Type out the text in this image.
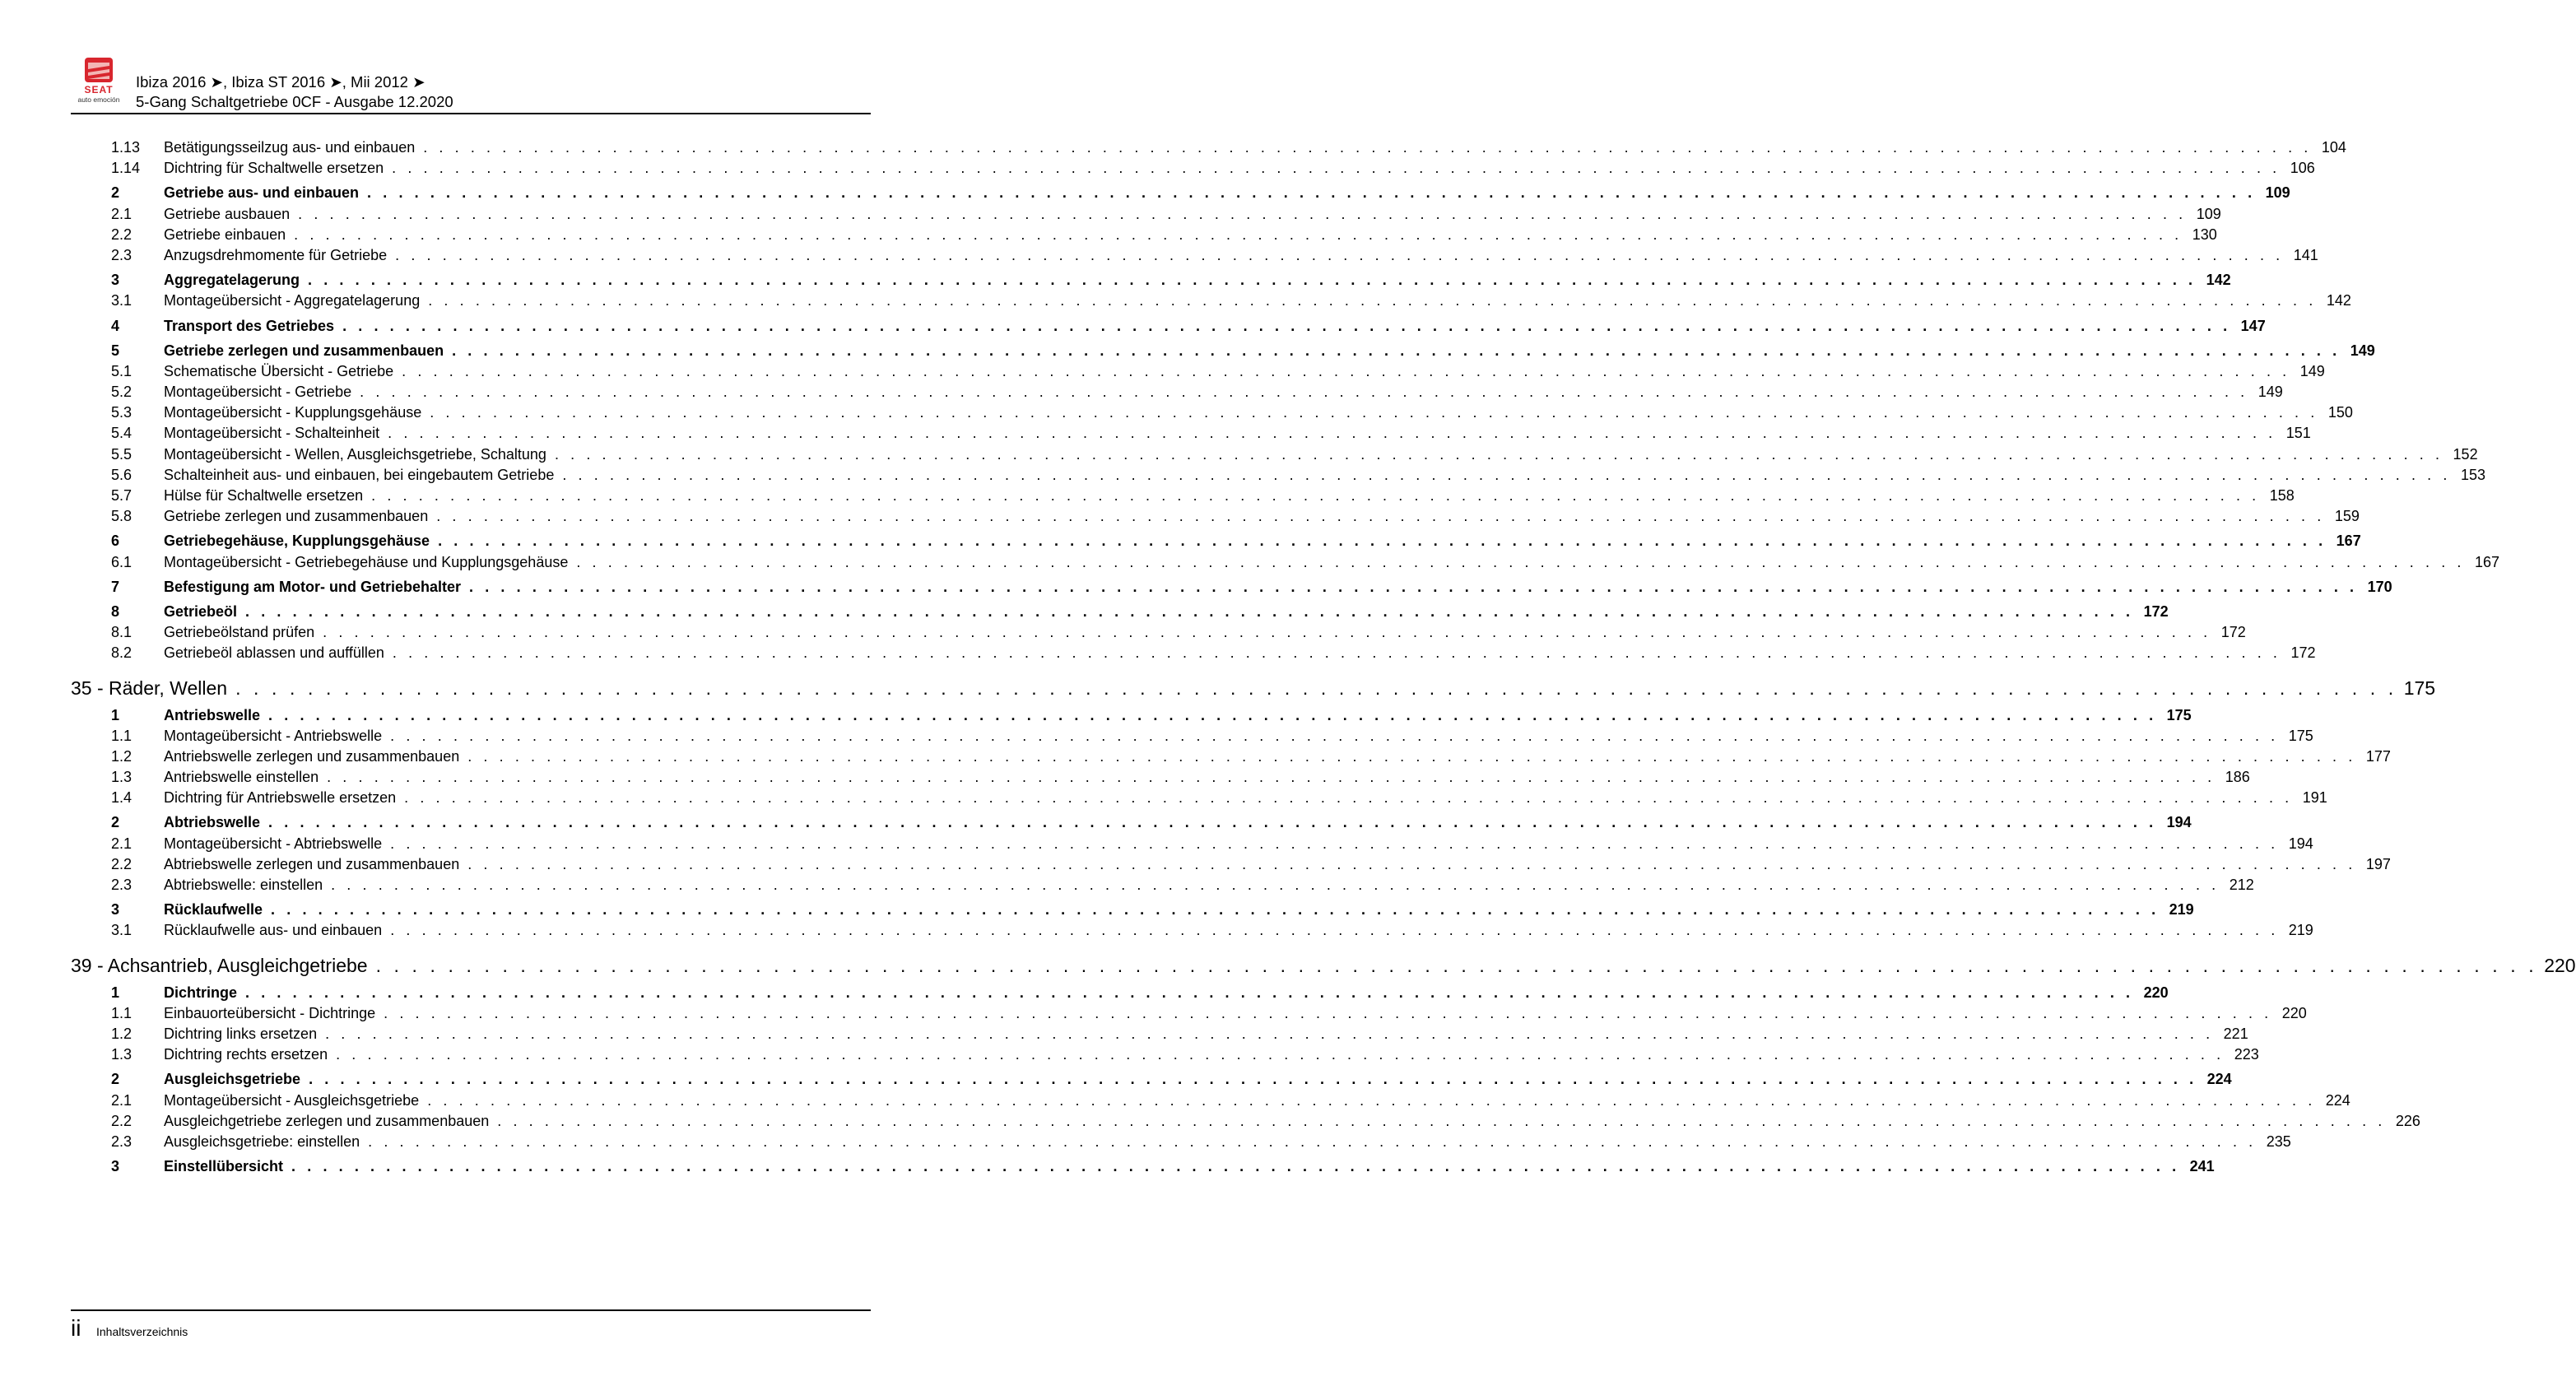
SEAT
auto emoción
Ibiza 2016 ➤, Ibiza ST 2016 ➤, Mii 2012 ➤
5-Gang Schaltgetriebe 0CF - Ausgabe 12.2020
1.13	Betätigungsseilzug aus- und einbauen . . . . . . . . . . . . . . . . . . . . . . . . . . . . . . . . . . . . . . . . . . . . . . . . . . . . . . . . . . . . . . . . . . . . . . . . . . . . . . . . . . . . . . . . . . . . . . . . . . . . . . . . . . . . . . . . . . . . . . . . 104
1.14	Dichtring für Schaltwelle ersetzen . . . . . . . . . . . . . . . . . . . . . . . . . . . . . . . . . . . . . . . . . . . . . . . . . . . . . . . . . . . . . . . . . . . . . . . . . . . . . . . . . . . . . . . . . . . . . . . . . . . . . . . . . . . . . . . . . . . . . . . . 106
2	Getriebe aus- und einbauen . . . . . . . . . . . . . . . . . . . . . . . . . . . . . . . . . . . . . . . . . . . . . . . . . . . . . . . . . . . . . . . . . . . . . . . . . . . . . . . . . . . . . . . . . . . . . . . . . . . . . . . . . . . . . . . . . . . . . . . . 109
2.1	Getriebe ausbauen . . . . . . . . . . . . . . . . . . . . . . . . . . . . . . . . . . . . . . . . . . . . . . . . . . . . . . . . . . . . . . . . . . . . . . . . . . . . . . . . . . . . . . . . . . . . . . . . . . . . . . . . . . . . . . . . . . . . . . . . 109
2.2	Getriebe einbauen . . . . . . . . . . . . . . . . . . . . . . . . . . . . . . . . . . . . . . . . . . . . . . . . . . . . . . . . . . . . . . . . . . . . . . . . . . . . . . . . . . . . . . . . . . . . . . . . . . . . . . . . . . . . . . . . . . . . . . . . 130
2.3	Anzugsdrehmomente für Getriebe . . . . . . . . . . . . . . . . . . . . . . . . . . . . . . . . . . . . . . . . . . . . . . . . . . . . . . . . . . . . . . . . . . . . . . . . . . . . . . . . . . . . . . . . . . . . . . . . . . . . . . . . . . . . . . . . . . . . . . . . 141
3	Aggregatelagerung . . . . . . . . . . . . . . . . . . . . . . . . . . . . . . . . . . . . . . . . . . . . . . . . . . . . . . . . . . . . . . . . . . . . . . . . . . . . . . . . . . . . . . . . . . . . . . . . . . . . . . . . . . . . . . . . . . . . . . . . 142
3.1	Montageübersicht - Aggregatelagerung . . . . . . . . . . . . . . . . . . . . . . . . . . . . . . . . . . . . . . . . . . . . . . . . . . . . . . . . . . . . . . . . . . . . . . . . . . . . . . . . . . . . . . . . . . . . . . . . . . . . . . . . . . . . . . . . . . . . . . . . 142
4	Transport des Getriebes . . . . . . . . . . . . . . . . . . . . . . . . . . . . . . . . . . . . . . . . . . . . . . . . . . . . . . . . . . . . . . . . . . . . . . . . . . . . . . . . . . . . . . . . . . . . . . . . . . . . . . . . . . . . . . . . . . . . . . . . 147
5	Getriebe zerlegen und zusammenbauen . . . . . . . . . . . . . . . . . . . . . . . . . . . . . . . . . . . . . . . . . . . . . . . . . . . . . . . . . . . . . . . . . . . . . . . . . . . . . . . . . . . . . . . . . . . . . . . . . . . . . . . . . . . . . . . . . . . . . . . . 149
5.1	Schematische Übersicht - Getriebe . . . . . . . . . . . . . . . . . . . . . . . . . . . . . . . . . . . . . . . . . . . . . . . . . . . . . . . . . . . . . . . . . . . . . . . . . . . . . . . . . . . . . . . . . . . . . . . . . . . . . . . . . . . . . . . . . . . . . . . . 149
5.2	Montageübersicht - Getriebe . . . . . . . . . . . . . . . . . . . . . . . . . . . . . . . . . . . . . . . . . . . . . . . . . . . . . . . . . . . . . . . . . . . . . . . . . . . . . . . . . . . . . . . . . . . . . . . . . . . . . . . . . . . . . . . . . . . . . . . . 149
5.3	Montageübersicht - Kupplungsgehäuse . . . . . . . . . . . . . . . . . . . . . . . . . . . . . . . . . . . . . . . . . . . . . . . . . . . . . . . . . . . . . . . . . . . . . . . . . . . . . . . . . . . . . . . . . . . . . . . . . . . . . . . . . . . . . . . . . . . . . . . . 150
5.4	Montageübersicht - Schalteinheit . . . . . . . . . . . . . . . . . . . . . . . . . . . . . . . . . . . . . . . . . . . . . . . . . . . . . . . . . . . . . . . . . . . . . . . . . . . . . . . . . . . . . . . . . . . . . . . . . . . . . . . . . . . . . . . . . . . . . . . . 151
5.5	Montageübersicht - Wellen, Ausgleichsgetriebe, Schaltung . . . . . . . . . . . . . . . . . . . . . . . . . . . . . . . . . . . . . . . . . . . . . . . . . . . . . . . . . . . . . . . . . . . . . . . . . . . . . . . . . . . . . . . . . . . . . . . . . . . . . . . . . . . . . . . . . . . . . . . . 152
5.6	Schalteinheit aus- und einbauen, bei eingebautem Getriebe . . . . . . . . . . . . . . . . . . . . . . . . . . . . . . . . . . . . . . . . . . . . . . . . . . . . . . . . . . . . . . . . . . . . . . . . . . . . . . . . . . . . . . . . . . . . . . . . . . . . . . . . . . . . . . . . . . . . . . . . 153
5.7	Hülse für Schaltwelle ersetzen . . . . . . . . . . . . . . . . . . . . . . . . . . . . . . . . . . . . . . . . . . . . . . . . . . . . . . . . . . . . . . . . . . . . . . . . . . . . . . . . . . . . . . . . . . . . . . . . . . . . . . . . . . . . . . . . . . . . . . . . 158
5.8	Getriebe zerlegen und zusammenbauen . . . . . . . . . . . . . . . . . . . . . . . . . . . . . . . . . . . . . . . . . . . . . . . . . . . . . . . . . . . . . . . . . . . . . . . . . . . . . . . . . . . . . . . . . . . . . . . . . . . . . . . . . . . . . . . . . . . . . . . . 159
6	Getriebegehäuse, Kupplungsgehäuse . . . . . . . . . . . . . . . . . . . . . . . . . . . . . . . . . . . . . . . . . . . . . . . . . . . . . . . . . . . . . . . . . . . . . . . . . . . . . . . . . . . . . . . . . . . . . . . . . . . . . . . . . . . . . . . . . . . . . . . . 167
6.1	Montageübersicht - Getriebegehäuse und Kupplungsgehäuse . . . . . . . . . . . . . . . . . . . . . . . . . . . . . . . . . . . . . . . . . . . . . . . . . . . . . . . . . . . . . . . . . . . . . . . . . . . . . . . . . . . . . . . . . . . . . . . . . . . . . . . . . . . . . . . . . . . . . . . . 167
7	Befestigung am Motor- und Getriebehalter . . . . . . . . . . . . . . . . . . . . . . . . . . . . . . . . . . . . . . . . . . . . . . . . . . . . . . . . . . . . . . . . . . . . . . . . . . . . . . . . . . . . . . . . . . . . . . . . . . . . . . . . . . . . . . . . . . . . . . . . 170
8	Getriebeöl . . . . . . . . . . . . . . . . . . . . . . . . . . . . . . . . . . . . . . . . . . . . . . . . . . . . . . . . . . . . . . . . . . . . . . . . . . . . . . . . . . . . . . . . . . . . . . . . . . . . . . . . . . . . . . . . . . . . . . . . 172
8.1	Getriebeölstand prüfen . . . . . . . . . . . . . . . . . . . . . . . . . . . . . . . . . . . . . . . . . . . . . . . . . . . . . . . . . . . . . . . . . . . . . . . . . . . . . . . . . . . . . . . . . . . . . . . . . . . . . . . . . . . . . . . . . . . . . . . . 172
8.2	Getriebeöl ablassen und auffüllen . . . . . . . . . . . . . . . . . . . . . . . . . . . . . . . . . . . . . . . . . . . . . . . . . . . . . . . . . . . . . . . . . . . . . . . . . . . . . . . . . . . . . . . . . . . . . . . . . . . . . . . . . . . . . . . . . . . . . . . . 172
35 - Räder, Wellen . . . . . . . . . . . . . . . . . . . . . . . . . . . . . . . . . . . . . . . . . . . . . . . . . . . . . . . . . . . . . . . . . . . . . . . . . . . . . . . . . . . . . . . . . . . . . . . . . . . . . . . . . . . . . . . . . . . . . . . . 175
1	Antriebswelle . . . . . . . . . . . . . . . . . . . . . . . . . . . . . . . . . . . . . . . . . . . . . . . . . . . . . . . . . . . . . . . . . . . . . . . . . . . . . . . . . . . . . . . . . . . . . . . . . . . . . . . . . . . . . . . . . . . . . . . . 175
1.1	Montageübersicht - Antriebswelle . . . . . . . . . . . . . . . . . . . . . . . . . . . . . . . . . . . . . . . . . . . . . . . . . . . . . . . . . . . . . . . . . . . . . . . . . . . . . . . . . . . . . . . . . . . . . . . . . . . . . . . . . . . . . . . . . . . . . . . . 175
1.2	Antriebswelle zerlegen und zusammenbauen . . . . . . . . . . . . . . . . . . . . . . . . . . . . . . . . . . . . . . . . . . . . . . . . . . . . . . . . . . . . . . . . . . . . . . . . . . . . . . . . . . . . . . . . . . . . . . . . . . . . . . . . . . . . . . . . . . . . . . . . 177
1.3	Antriebswelle einstellen . . . . . . . . . . . . . . . . . . . . . . . . . . . . . . . . . . . . . . . . . . . . . . . . . . . . . . . . . . . . . . . . . . . . . . . . . . . . . . . . . . . . . . . . . . . . . . . . . . . . . . . . . . . . . . . . . . . . . . . . 186
1.4	Dichtring für Antriebswelle ersetzen . . . . . . . . . . . . . . . . . . . . . . . . . . . . . . . . . . . . . . . . . . . . . . . . . . . . . . . . . . . . . . . . . . . . . . . . . . . . . . . . . . . . . . . . . . . . . . . . . . . . . . . . . . . . . . . . . . . . . . . . 191
2	Abtriebswelle . . . . . . . . . . . . . . . . . . . . . . . . . . . . . . . . . . . . . . . . . . . . . . . . . . . . . . . . . . . . . . . . . . . . . . . . . . . . . . . . . . . . . . . . . . . . . . . . . . . . . . . . . . . . . . . . . . . . . . . . 194
2.1	Montageübersicht - Abtriebswelle . . . . . . . . . . . . . . . . . . . . . . . . . . . . . . . . . . . . . . . . . . . . . . . . . . . . . . . . . . . . . . . . . . . . . . . . . . . . . . . . . . . . . . . . . . . . . . . . . . . . . . . . . . . . . . . . . . . . . . . . 194
2.2	Abtriebswelle zerlegen und zusammenbauen . . . . . . . . . . . . . . . . . . . . . . . . . . . . . . . . . . . . . . . . . . . . . . . . . . . . . . . . . . . . . . . . . . . . . . . . . . . . . . . . . . . . . . . . . . . . . . . . . . . . . . . . . . . . . . . . . . . . . . . . 197
2.3	Abtriebswelle: einstellen . . . . . . . . . . . . . . . . . . . . . . . . . . . . . . . . . . . . . . . . . . . . . . . . . . . . . . . . . . . . . . . . . . . . . . . . . . . . . . . . . . . . . . . . . . . . . . . . . . . . . . . . . . . . . . . . . . . . . . . . 212
3	Rücklaufwelle . . . . . . . . . . . . . . . . . . . . . . . . . . . . . . . . . . . . . . . . . . . . . . . . . . . . . . . . . . . . . . . . . . . . . . . . . . . . . . . . . . . . . . . . . . . . . . . . . . . . . . . . . . . . . . . . . . . . . . . . 219
3.1	Rücklaufwelle aus- und einbauen . . . . . . . . . . . . . . . . . . . . . . . . . . . . . . . . . . . . . . . . . . . . . . . . . . . . . . . . . . . . . . . . . . . . . . . . . . . . . . . . . . . . . . . . . . . . . . . . . . . . . . . . . . . . . . . . . . . . . . . . 219
39 - Achsantrieb, Ausgleichgetriebe . . . . . . . . . . . . . . . . . . . . . . . . . . . . . . . . . . . . . . . . . . . . . . . . . . . . . . . . . . . . . . . . . . . . . . . . . . . . . . . . . . . . . . . . . . . . . . . . . . . . . . . . . . . . . . . . . . . . . . . . 220
1	Dichtringe . . . . . . . . . . . . . . . . . . . . . . . . . . . . . . . . . . . . . . . . . . . . . . . . . . . . . . . . . . . . . . . . . . . . . . . . . . . . . . . . . . . . . . . . . . . . . . . . . . . . . . . . . . . . . . . . . . . . . . . . 220
1.1	Einbauorteübersicht - Dichtringe . . . . . . . . . . . . . . . . . . . . . . . . . . . . . . . . . . . . . . . . . . . . . . . . . . . . . . . . . . . . . . . . . . . . . . . . . . . . . . . . . . . . . . . . . . . . . . . . . . . . . . . . . . . . . . . . . . . . . . . . 220
1.2	Dichtring links ersetzen . . . . . . . . . . . . . . . . . . . . . . . . . . . . . . . . . . . . . . . . . . . . . . . . . . . . . . . . . . . . . . . . . . . . . . . . . . . . . . . . . . . . . . . . . . . . . . . . . . . . . . . . . . . . . . . . . . . . . . . . 221
1.3	Dichtring rechts ersetzen . . . . . . . . . . . . . . . . . . . . . . . . . . . . . . . . . . . . . . . . . . . . . . . . . . . . . . . . . . . . . . . . . . . . . . . . . . . . . . . . . . . . . . . . . . . . . . . . . . . . . . . . . . . . . . . . . . . . . . . . 223
2	Ausgleichsgetriebe . . . . . . . . . . . . . . . . . . . . . . . . . . . . . . . . . . . . . . . . . . . . . . . . . . . . . . . . . . . . . . . . . . . . . . . . . . . . . . . . . . . . . . . . . . . . . . . . . . . . . . . . . . . . . . . . . . . . . . . . 224
2.1	Montageübersicht - Ausgleichsgetriebe . . . . . . . . . . . . . . . . . . . . . . . . . . . . . . . . . . . . . . . . . . . . . . . . . . . . . . . . . . . . . . . . . . . . . . . . . . . . . . . . . . . . . . . . . . . . . . . . . . . . . . . . . . . . . . . . . . . . . . . . 224
2.2	Ausgleichgetriebe zerlegen und zusammenbauen . . . . . . . . . . . . . . . . . . . . . . . . . . . . . . . . . . . . . . . . . . . . . . . . . . . . . . . . . . . . . . . . . . . . . . . . . . . . . . . . . . . . . . . . . . . . . . . . . . . . . . . . . . . . . . . . . . . . . . . . 226
2.3	Ausgleichsgetriebe: einstellen . . . . . . . . . . . . . . . . . . . . . . . . . . . . . . . . . . . . . . . . . . . . . . . . . . . . . . . . . . . . . . . . . . . . . . . . . . . . . . . . . . . . . . . . . . . . . . . . . . . . . . . . . . . . . . . . . . . . . . . . 235
3	Einstellübersicht . . . . . . . . . . . . . . . . . . . . . . . . . . . . . . . . . . . . . . . . . . . . . . . . . . . . . . . . . . . . . . . . . . . . . . . . . . . . . . . . . . . . . . . . . . . . . . . . . . . . . . . . . . . . . . . . . . . . . . . . 241
ii Inhaltsverzeichnis
